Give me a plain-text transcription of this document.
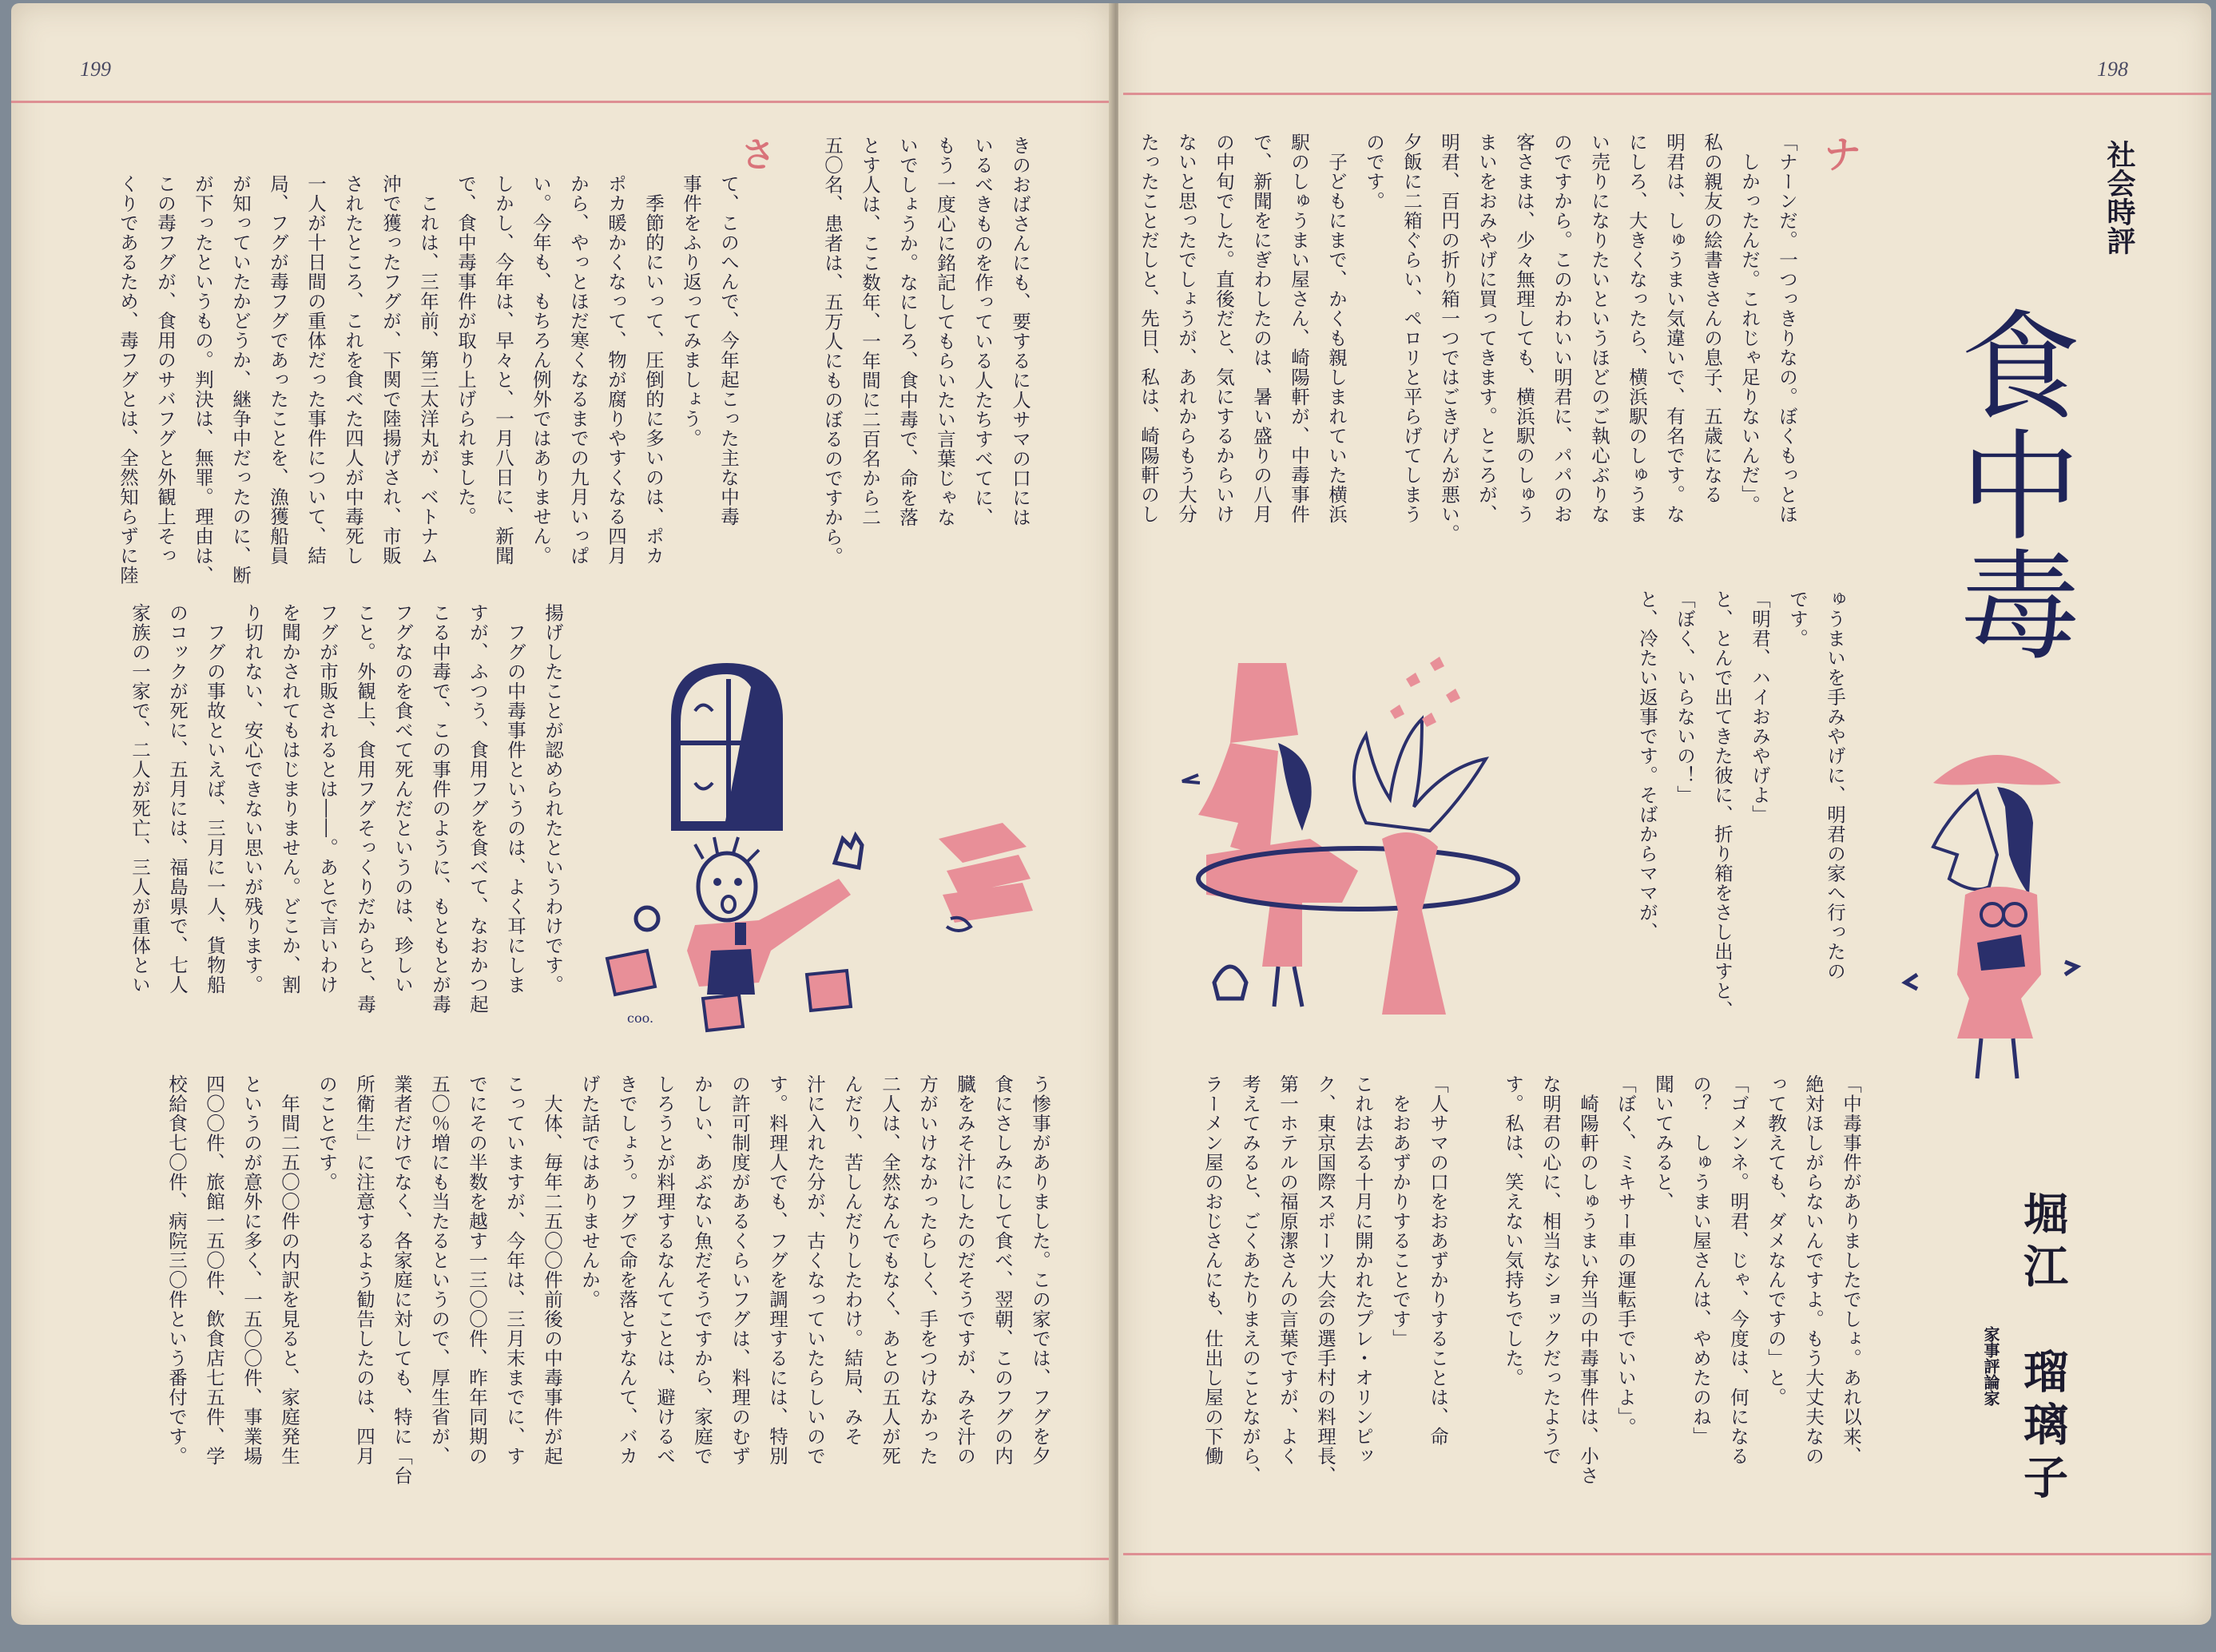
199	198
きのおばさんにも、要するに人サマの口には
いるべきものを作っている人たちすべてに、
もう一度心に銘記してもらいたい言葉じゃな
いでしょうか。なにしろ、食中毒で、命を落
とす人は、ここ数年、一年間に二百名から二
五〇名、患者は、五万人にものぼるのですから。
さ
て、このへんで、今年起こった主な中毒
事件をふり返ってみましょう。
　季節的にいって、圧倒的に多いのは、ポカ
ポカ暖かくなって、物が腐りやすくなる四月
から、やっとほだ寒くなるまでの九月いっぱ
い。今年も、もちろん例外ではありません。
しかし、今年は、早々と、一月八日に、新聞
で、食中毒事件が取り上げられました。
　これは、三年前、第三太洋丸が、ベトナム
沖で獲ったフグが、下関で陸揚げされ、市販
されたところ、これを食べた四人が中毒死し
一人が十日間の重体だった事件について、結
局、フグが毒フグであったことを、漁獲船員
が知っていたかどうか、継争中だったのに、断
が下ったというもの。判決は、無罪。理由は、
この毒フグが、食用のサバフグと外観上そっ
くりであるため、毒フグとは、全然知らずに陸
揚げしたことが認められたというわけです。
　フグの中毒事件というのは、よく耳にしま
すが、ふつう、食用フグを食べて、なおかつ起
こる中毒で、この事件のように、もともとが毒
フグなのを食べて死んだというのは、珍しい
こと。外観上、食用フグそっくりだからと、毒
フグが市販されるとは――。あとで言いわけ
を聞かされてもはじまりません。どこか、割
り切れない、安心できない思いが残ります。
　フグの事故といえば、三月に一人、貨物船
のコックが死に、五月には、福島県で、七人
家族の一家で、二人が死亡、三人が重体とい
う惨事がありました。この家では、フグを夕
食にさしみにして食べ、翌朝、このフグの内
臓をみそ汁にしたのだそうですが、みそ汁の
方がいけなかったらしく、手をつけなかった
二人は、全然なんでもなく、あとの五人が死
んだり、苦しんだりしたわけ。結局、みそ
汁に入れた分が、古くなっていたらしいので
す。料理人でも、フグを調理するには、特別
の許可制度があるくらいフグは、料理のむず
かしい、あぶない魚だそうですから、家庭で
しろうとが料理するなんてことは、避けるべ
きでしょう。フグで命を落とすなんて、バカ
げた話ではありませんか。
　大体、毎年二五〇〇件前後の中毒事件が起
こっていますが、今年は、三月末までに、す
でにその半数を越す一三〇〇件、昨年同期の
五〇％増にも当たるというので、厚生省が、
業者だけでなく、各家庭に対しても、特に「台
所衛生」に注意するよう勧告したのは、四月
のことです。
　年間二五〇〇件の内訳を見ると、家庭発生
というのが意外に多く、一五〇〇件、事業場
四〇〇件、旅館一五〇件、飲食店七五件、学
校給食七〇件、病院三〇件という番付です。
coo.
社会時評
食中毒
堀江　瑠璃子
家事評論家
ナ
「ナーンだ。一つっきりなの。ぼくもっとほ
　しかったんだ。これじゃ足りないんだ」。
私の親友の絵書きさんの息子、五歳になる
明君は、しゅうまい気違いで、有名です。な
にしろ、大きくなったら、横浜駅のしゅうま
い売りになりたいというほどのご執心ぶりな
のですから。このかわいい明君に、パパのお
客さまは、少々無理しても、横浜駅のしゅう
まいをおみやげに買ってきます。ところが、
明君、百円の折り箱一つではごきげんが悪い。
夕飯に二箱ぐらい、ペロリと平らげてしまう
のです。
　子どもにまで、かくも親しまれていた横浜
駅のしゅうまい屋さん、崎陽軒が、中毒事件
で、新聞をにぎわしたのは、暑い盛りの八月
の中旬でした。直後だと、気にするからいけ
ないと思ったでしょうが、あれからもう大分
たったことだしと、先日、私は、崎陽軒のし
ゅうまいを手みやげに、明君の家へ行ったの
です。
「明君、ハイおみやげよ」
と、とんで出てきた彼に、折り箱をさし出すと、
「ぼく、いらないの！」
と、冷たい返事です。そばからママが、
「中毒事件がありましたでしょ。あれ以来、
絶対ほしがらないんですよ。もう大丈夫なの
って教えても、ダメなんですの」と。
「ゴメンネ。明君、じゃ、今度は、何になる
の？　しゅうまい屋さんは、やめたのね」
聞いてみると、
「ぼく、ミキサー車の運転手でいいよ」。
　崎陽軒のしゅうまい弁当の中毒事件は、小さ
な明君の心に、相当なショックだったようで
す。私は、笑えない気持ちでした。

「人サマの口をおあずかりすることは、命
　をおあずかりすることです」
これは去る十月に開かれたプレ・オリンピッ
ク、東京国際スポーツ大会の選手村の料理長、
第一ホテルの福原潔さんの言葉ですが、よく
考えてみると、ごくあたりまえのことながら、
ラーメン屋のおじさんにも、仕出し屋の下働
